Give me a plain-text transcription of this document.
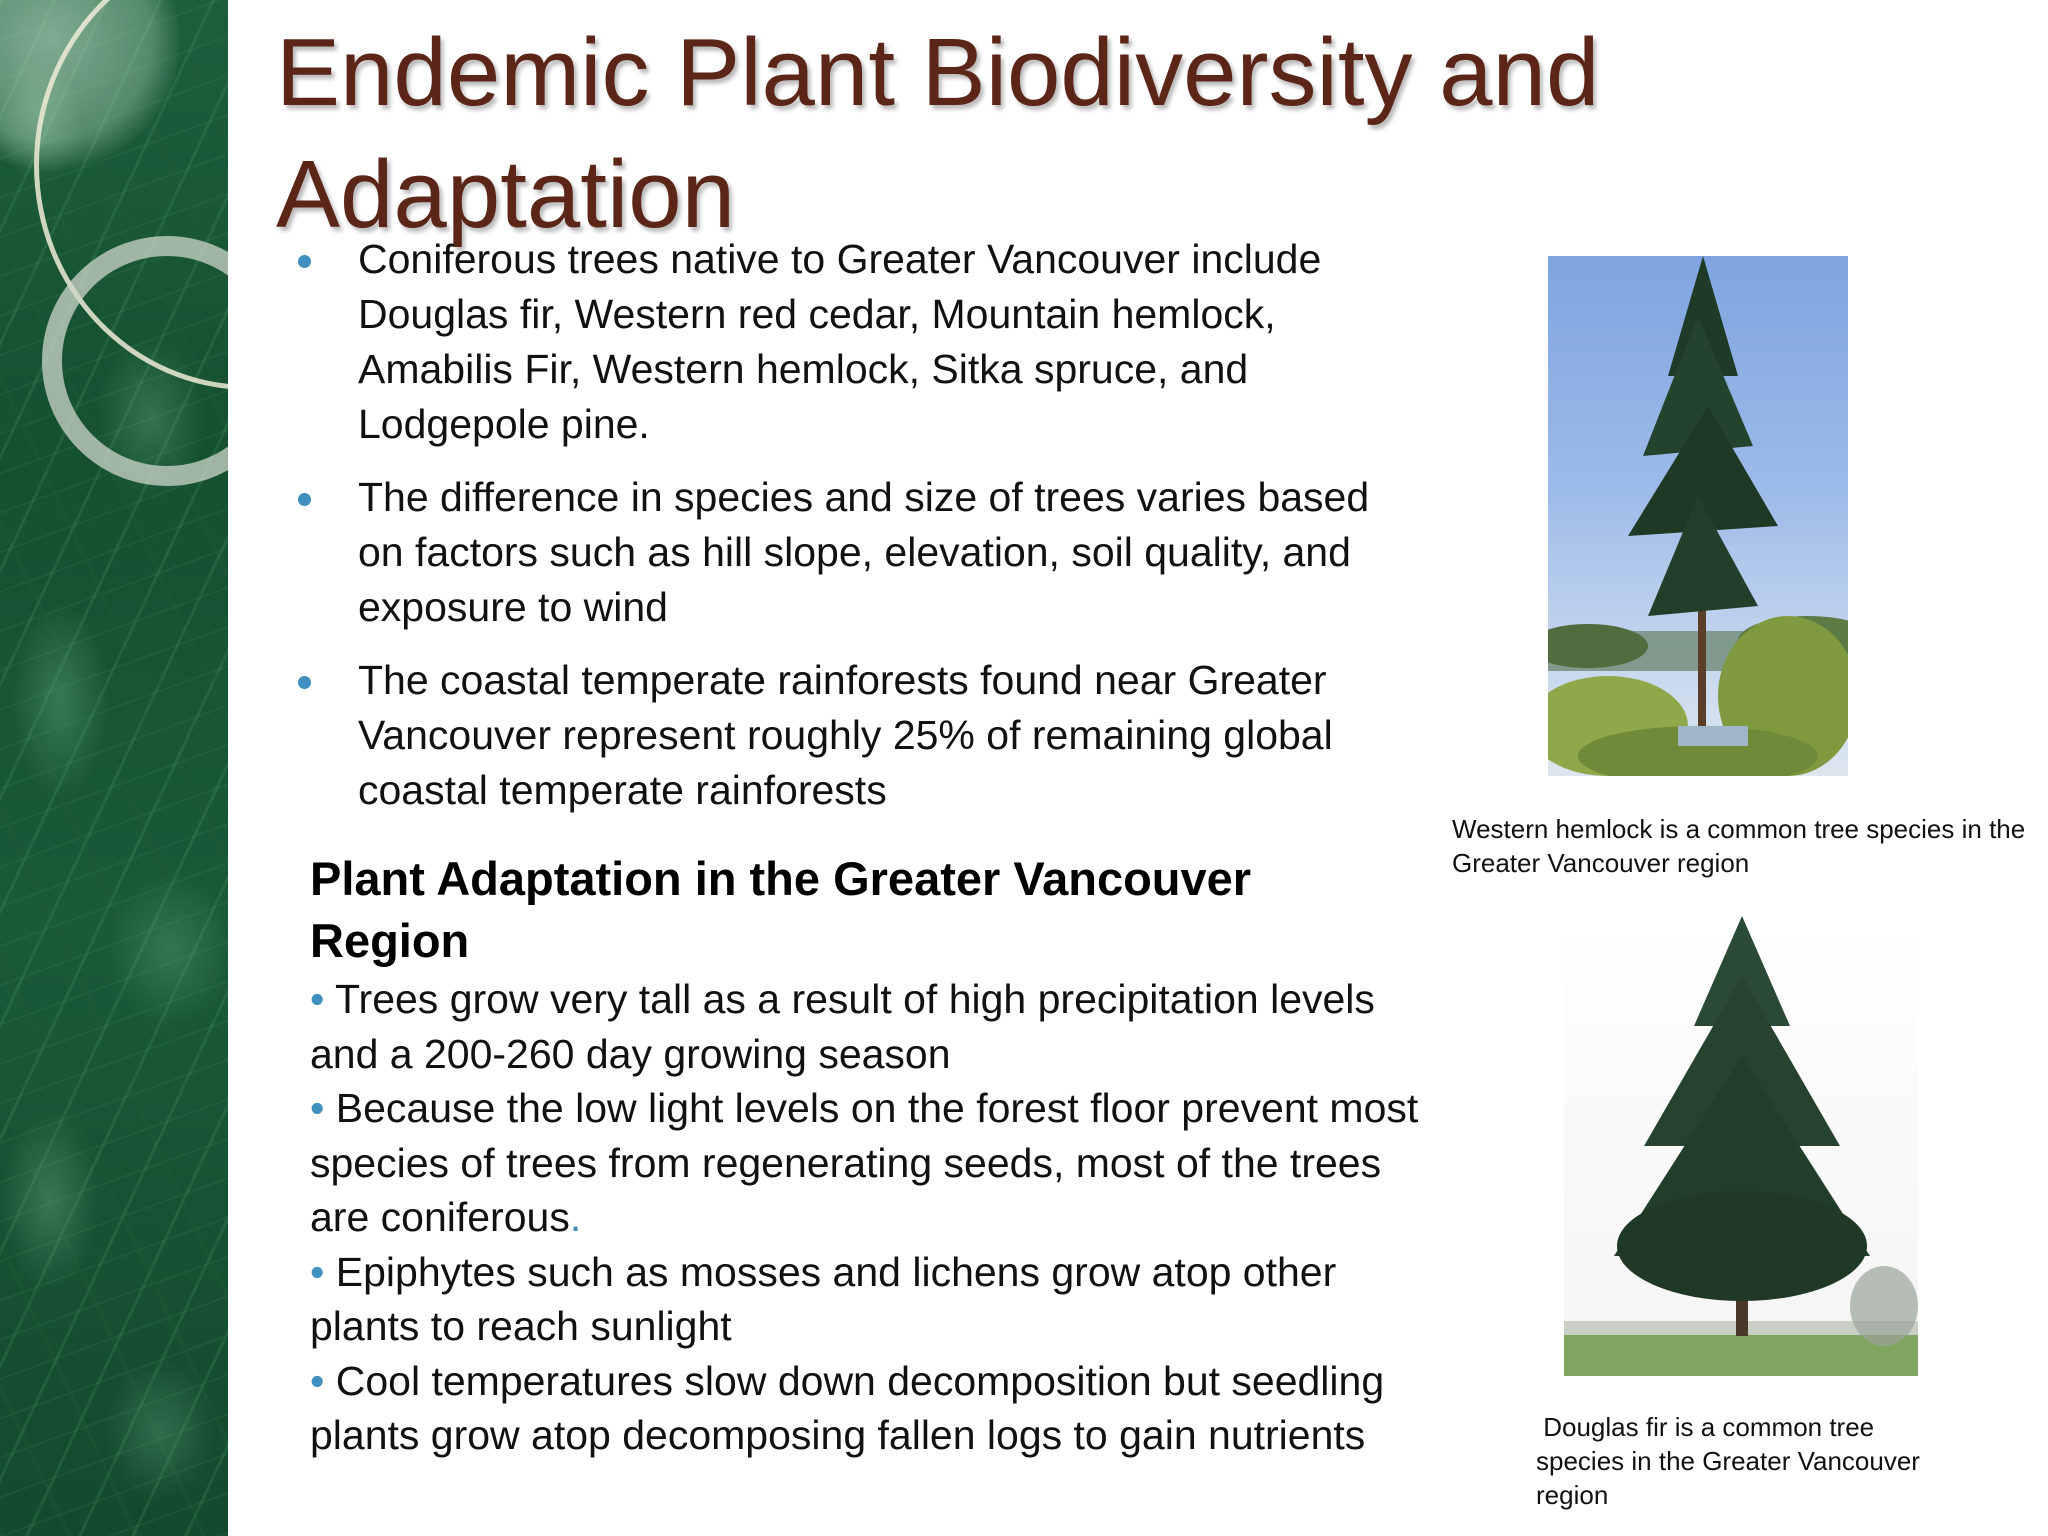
Endemic Plant Biodiversity and Adaptation
Coniferous trees native to Greater Vancouver include Douglas fir, Western red cedar, Mountain hemlock, Amabilis Fir, Western hemlock, Sitka spruce, and Lodgepole pine.
The difference in species and size of trees varies based on factors such as hill slope, elevation, soil quality, and exposure to wind
The coastal temperate rainforests found near Greater Vancouver represent roughly 25% of remaining global coastal temperate rainforests
Plant Adaptation in the Greater Vancouver Region
• Trees grow very tall as a result of high precipitation levels and a 200-260 day growing season
• Because the low light levels on the forest floor prevent most species of trees from regenerating seeds, most of the trees are coniferous.
• Epiphytes such as mosses and lichens grow atop other plants to reach sunlight
• Cool temperatures slow down decomposition but seedling plants grow atop decomposing fallen logs to gain nutrients

Western hemlock is a common tree species in the Greater Vancouver region

Douglas fir is a common tree species in the Greater Vancouver region
